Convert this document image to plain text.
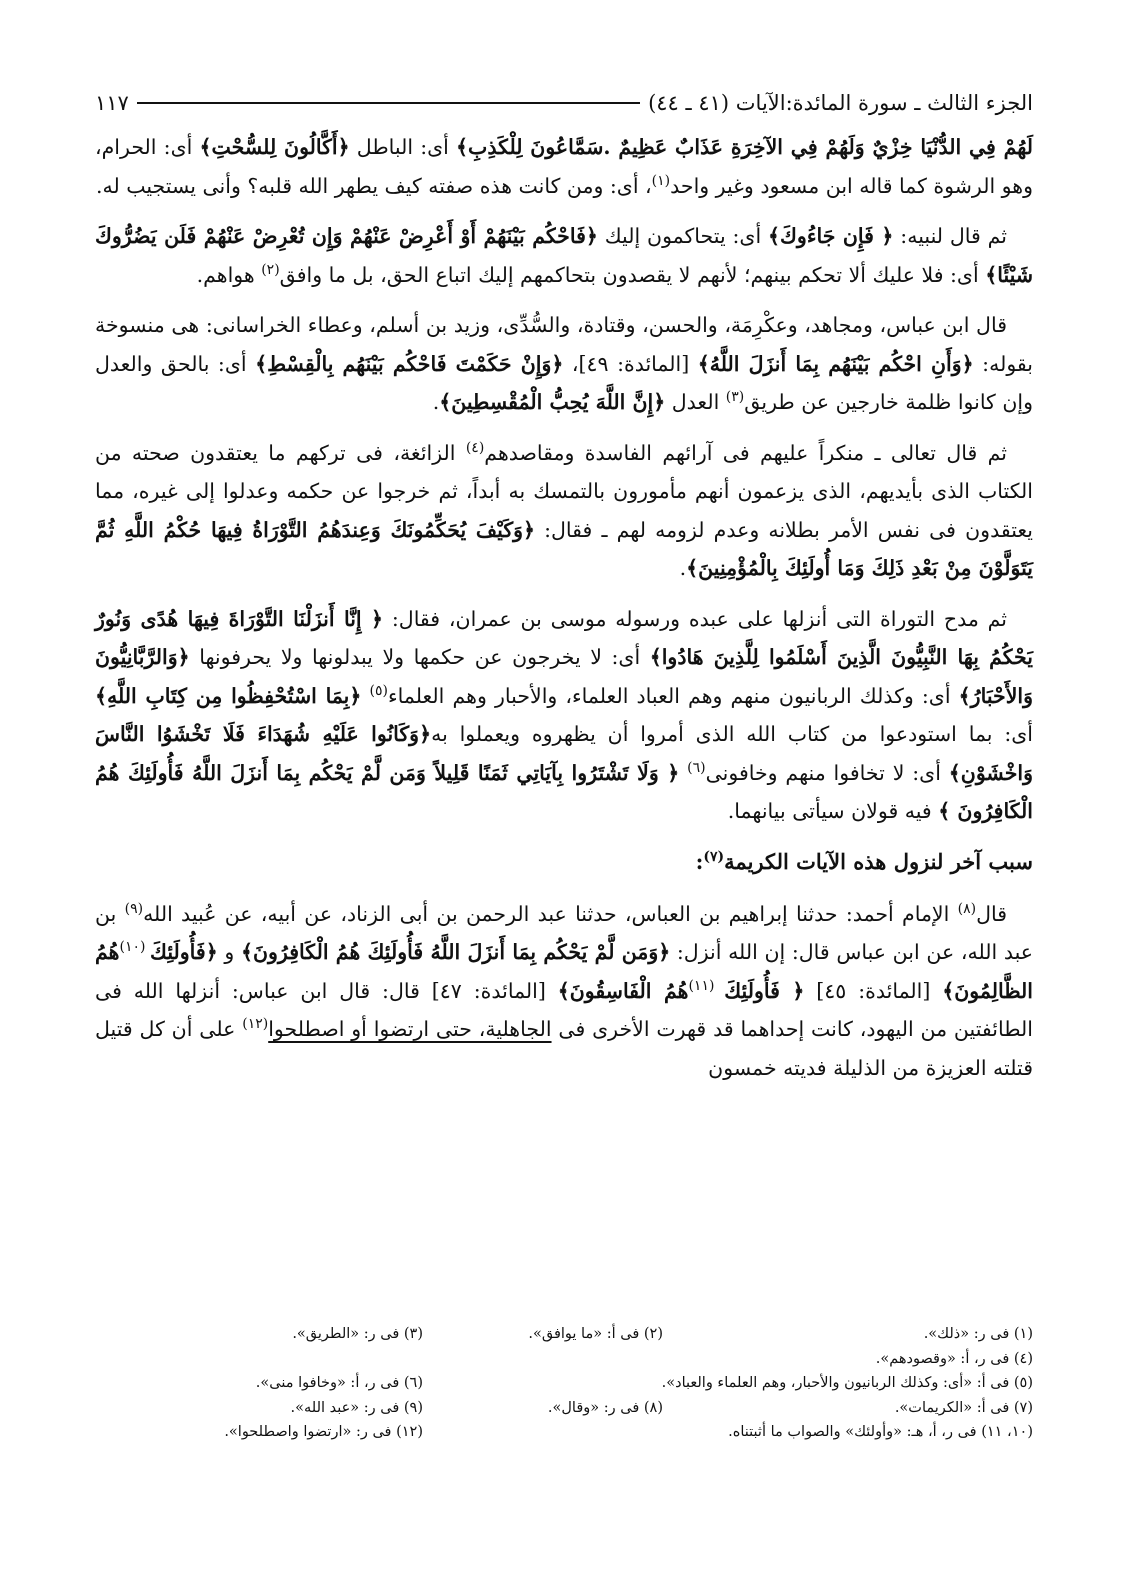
الجزء الثالث ـ سورة المائدة:الآيات (٤١ ـ ٤٤)
١١٧

لَهُمْ فِي الدُّنْيَا خِزْيٌ وَلَهُمْ فِي الآخِرَةِ عَذَابٌ عَظِيمٌ .سَمَّاعُونَ لِلْكَذِبِ﴾ أى: الباطل ﴿أَكَّالُونَ لِلسُّحْتِ﴾ أى: الحرام، وهو الرشوة كما قاله ابن مسعود وغير واحد$^{(١)}$، أى: ومن كانت هذه صفته كيف يطهر الله قلبه؟ وأنى يستجيب له.

ثم قال لنبيه: ﴿ فَإِن جَاءُوكَ﴾ أى: يتحاكمون إليك ﴿فَاحْكُم بَيْنَهُمْ أَوْ أَعْرِضْ عَنْهُمْ وَإِن تُعْرِضْ عَنْهُمْ فَلَن يَضُرُّوكَ شَيْئًا﴾ أى: فلا عليك ألا تحكم بينهم؛ لأنهم لا يقصدون بتحاكمهم إليك اتباع الحق، بل ما وافق$^{(٢)}$ هواهم.

قال ابن عباس، ومجاهد، وعكْرِمَة، والحسن، وقتادة، والسُّدِّى، وزيد بن أسلم، وعطاء الخراسانى: هى منسوخة بقوله: ﴿وَأَنِ احْكُم بَيْنَهُم بِمَا أَنزَلَ اللَّهُ﴾ [المائدة: ٤٩]، ﴿وَإِنْ حَكَمْتَ فَاحْكُم بَيْنَهُم بِالْقِسْطِ﴾ أى: بالحق والعدل وإن كانوا ظلمة خارجين عن طريق$^{(٣)}$ العدل ﴿إِنَّ اللَّهَ يُحِبُّ الْمُقْسِطِينَ﴾.

ثم قال تعالى ـ منكراً عليهم فى آرائهم الفاسدة ومقاصدهم$^{(٤)}$ الزائغة، فى تركهم ما يعتقدون صحته من الكتاب الذى بأيديهم، الذى يزعمون أنهم مأمورون بالتمسك به أبداً، ثم خرجوا عن حكمه وعدلوا إلى غيره، مما يعتقدون فى نفس الأمر بطلانه وعدم لزومه لهم ـ فقال: ﴿وَكَيْفَ يُحَكِّمُونَكَ وَعِندَهُمُ التَّوْرَاةُ فِيهَا حُكْمُ اللَّهِ ثُمَّ يَتَوَلَّوْنَ مِنْ بَعْدِ ذَلِكَ وَمَا أُولَئِكَ بِالْمُؤْمِنِينَ﴾.

ثم مدح التوراة التى أنزلها على عبده ورسوله موسى بن عمران، فقال: ﴿ إِنَّا أَنزَلْنَا التَّوْرَاةَ فِيهَا هُدًى وَنُورٌ يَحْكُمُ بِهَا النَّبِيُّونَ الَّذِينَ أَسْلَمُوا لِلَّذِينَ هَادُوا﴾ أى: لا يخرجون عن حكمها ولا يبدلونها ولا يحرفونها ﴿وَالرَّبَّانِيُّونَ وَالأَحْبَارُ﴾ أى: وكذلك الربانيون منهم وهم العباد العلماء، والأحبار وهم العلماء$^{(٥)}$ ﴿بِمَا اسْتُحْفِظُوا مِن كِتَابِ اللَّهِ﴾ أى: بما استودعوا من كتاب الله الذى أمروا أن يظهروه ويعملوا به﴿وَكَانُوا عَلَيْهِ شُهَدَاءَ فَلَا تَخْشَوُا النَّاسَ وَاخْشَوْنِ﴾ أى: لا تخافوا منهم وخافونى$^{(٦)}$ ﴿ وَلَا تَشْتَرُوا بِآيَاتِي ثَمَنًا قَلِيلاً وَمَن لَّمْ يَحْكُم بِمَا أَنزَلَ اللَّهُ فَأُولَئِكَ هُمُ الْكَافِرُونَ ﴾ فيه قولان سيأتى بيانهما.

سبب آخر لنزول هذه الآيات الكريمة$^{(٧)}$:

قال$^{(٨)}$ الإمام أحمد: حدثنا إبراهيم بن العباس، حدثنا عبد الرحمن بن أبى الزناد، عن أبيه، عن عُبيد الله$^{(٩)}$ بن عبد الله، عن ابن عباس قال: إن الله أنزل: ﴿وَمَن لَّمْ يَحْكُم بِمَا أَنزَلَ اللَّهُ فَأُولَئِكَ هُمُ الْكَافِرُونَ﴾ و ﴿فَأُولَئِكَ $^{(١٠)}$هُمُ الظَّالِمُونَ﴾ [المائدة: ٤٥] ﴿ فَأُولَئِكَ $^{(١١)}$هُمُ الْفَاسِقُونَ﴾ [المائدة: ٤٧] قال: قال ابن عباس: أنزلها الله فى الطائفتين من اليهود، كانت إحداهما قد قهرت الأخرى فى الجاهلية، حتى ارتضوا أو اصطلحوا$^{(١٢)}$ على أن كل قتيل قتلته العزيزة من الذليلة فديته خمسون

(١) فى ر: «ذلك».
(٢) فى أ: «ما يوافق».
(٣) فى ر: «الطريق».
(٤) فى ر، أ: «وقصودهم».
(٥) فى أ: «أى: وكذلك الربانيون والأحبار، وهم العلماء والعباد».
(٦) فى ر، أ: «وخافوا منى».
(٧) فى أ: «الكريمات».
(٨) فى ر: «وقال».
(٩) فى ر: «عبد الله».
(١٠، ١١) فى ر، أ، هـ: «وأولئك» والصواب ما أثبتناه.
(١٢) فى ر: «ارتضوا واصطلحوا».
